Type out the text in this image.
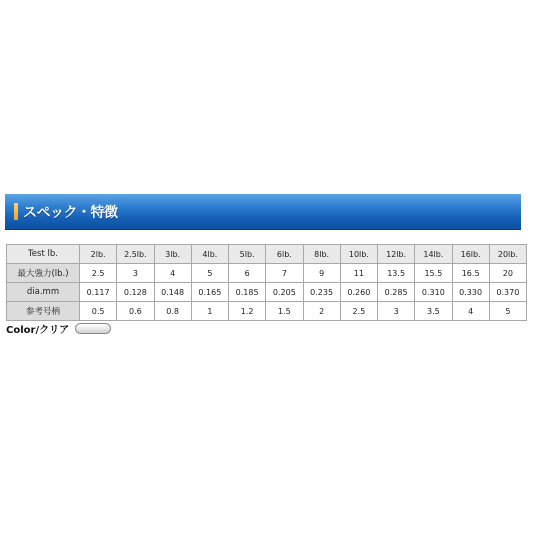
スペック・特徴
Test lb.	2lb.	2.5lb.	3lb.	4lb.	5lb.	6lb.	8lb.	10lb.	12lb.	14lb.	16lb.	20lb.
最大強力(lb.)	2.5	3	4	5	6	7	9	11	13.5	15.5	16.5	20
dia.mm	0.117	0.128	0.148	0.165	0.185	0.205	0.235	0.260	0.285	0.310	0.330	0.370
参考号柄	0.5	0.6	0.8	1	1.2	1.5	2	2.5	3	3.5	4	5
Color/クリア
